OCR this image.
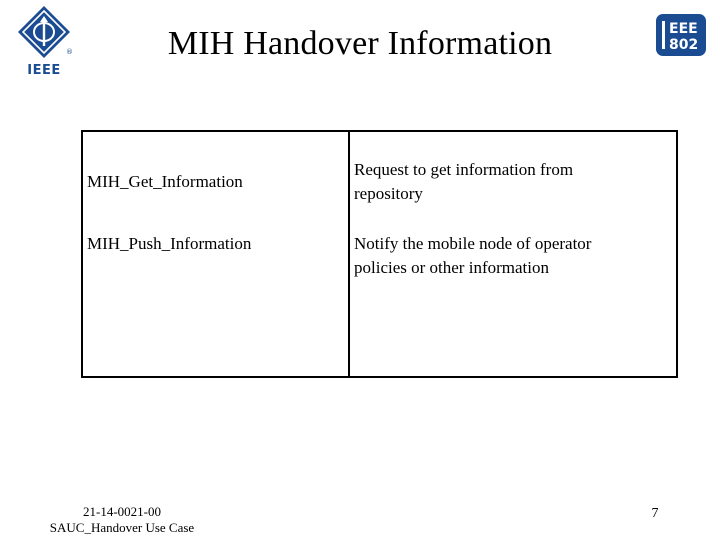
®
IEEE
MIH Handover Information	EEE
802
MIH_Get_Information
MIH_Push_Information
Request to get information from
repository
Notify the mobile node of operator
policies or other information
21-14-0021-00
SAUC_Handover Use Case
7
